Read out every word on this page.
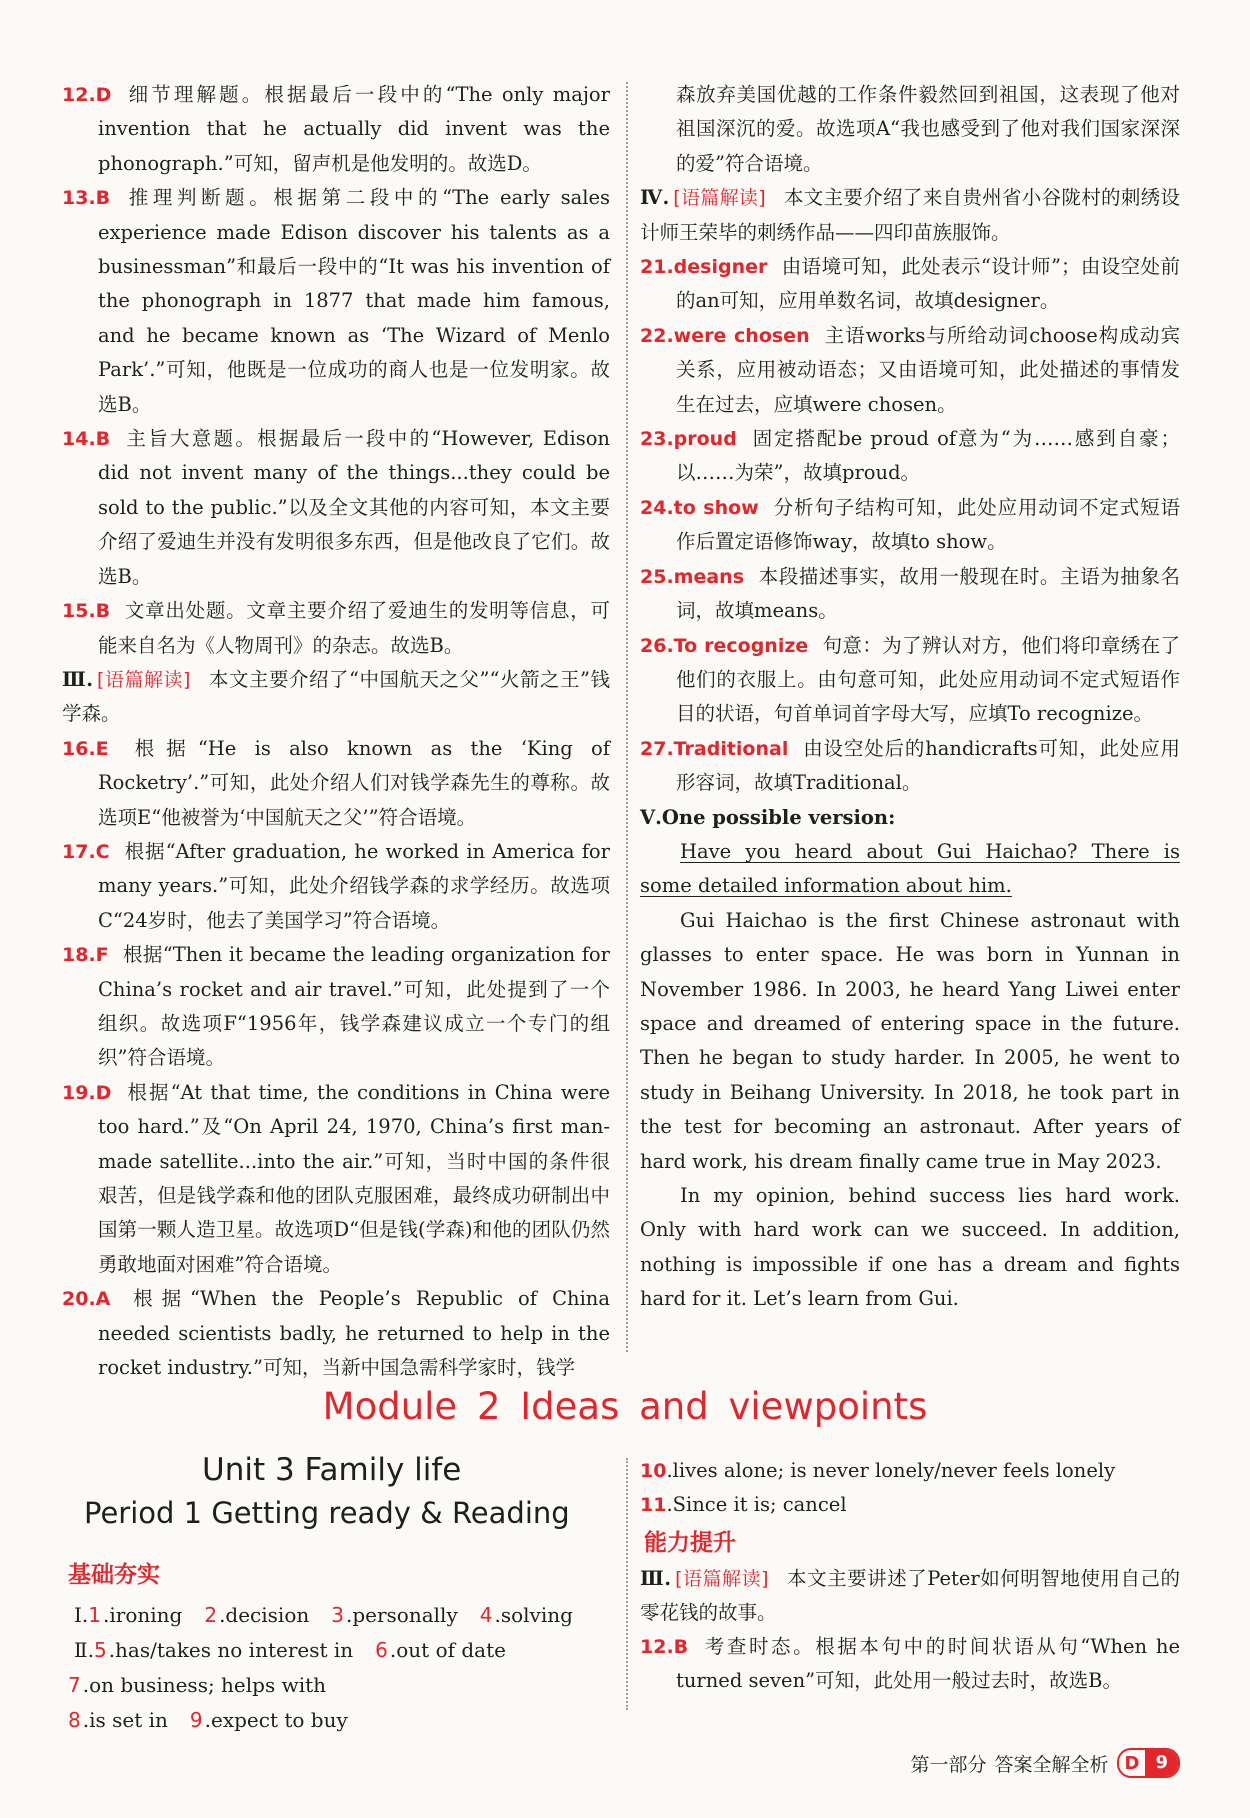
12.D 细节理解题。根据最后一段中的“The only major invention that he actually did invent was the phonograph.”可知，留声机是他发明的。故选D。

13.B 推理判断题。根据第二段中的“The early sales experience made Edison discover his talents as a businessman”和最后一段中的“It was his invention of the phonograph in 1877 that made him famous, and he became known as ‘The Wizard of Menlo Park’.”可知，他既是一位成功的商人也是一位发明家。故选B。

14.B 主旨大意题。根据最后一段中的“However, Edison did not invent many of the things...they could be sold to the public.”以及全文其他的内容可知，本文主要介绍了爱迪生并没有发明很多东西，但是他改良了它们。故选B。

15.B 文章出处题。文章主要介绍了爱迪生的发明等信息，可能来自名为《人物周刊》的杂志。故选B。

Ⅲ. [语篇解读] 本文主要介绍了“中国航天之父”“火箭之王”钱学森。

16.E 根据“He is also known as the ‘King of Rocketry’.”可知，此处介绍人们对钱学森先生的尊称。故选项E“他被誉为‘中国航天之父’”符合语境。

17.C 根据“After graduation, he worked in America for many years.”可知，此处介绍钱学森的求学经历。故选项C“24岁时，他去了美国学习”符合语境。

18.F 根据“Then it became the leading organization for China’s rocket and air travel.”可知，此处提到了一个组织。故选项F“1956年，钱学森建议成立一个专门的组织”符合语境。

19.D 根据“At that time, the conditions in China were too hard.”及“On April 24, 1970, China’s first man-made satellite...into the air.”可知，当时中国的条件很艰苦，但是钱学森和他的团队克服困难，最终成功研制出中国第一颗人造卫星。故选项D“但是钱(学森)和他的团队仍然勇敢地面对困难”符合语境。

20.A 根据“When the People’s Republic of China needed scientists badly, he returned to help in the rocket industry.”可知，当新中国急需科学家时，钱学

森放弃美国优越的工作条件毅然回到祖国，这表现了他对祖国深沉的爱。故选项A“我也感受到了他对我们国家深深的爱”符合语境。

Ⅳ. [语篇解读] 本文主要介绍了来自贵州省小谷陇村的刺绣设计师王荣毕的刺绣作品——四印苗族服饰。

21.designer 由语境可知，此处表示“设计师”；由设空处前的an可知，应用单数名词，故填designer。

22.were chosen 主语works与所给动词choose构成动宾关系，应用被动语态；又由语境可知，此处描述的事情发生在过去，应填were chosen。

23.proud 固定搭配be proud of意为“为……感到自豪；以……为荣”，故填proud。

24.to show 分析句子结构可知，此处应用动词不定式短语作后置定语修饰way，故填to show。

25.means 本段描述事实，故用一般现在时。主语为抽象名词，故填means。

26.To recognize 句意：为了辨认对方，他们将印章绣在了他们的衣服上。由句意可知，此处应用动词不定式短语作目的状语，句首单词首字母大写，应填To recognize。

27.Traditional 由设空处后的handicrafts可知，此处应用形容词，故填Traditional。

Ⅴ.One possible version:

Have you heard about Gui Haichao? There is some detailed information about him.

Gui Haichao is the first Chinese astronaut with glasses to enter space. He was born in Yunnan in November 1986. In 2003, he heard Yang Liwei enter space and dreamed of entering space in the future. Then he began to study harder. In 2005, he went to study in Beihang University. In 2018, he took part in the test for becoming an astronaut. After years of hard work, his dream finally came true in May 2023.

In my opinion, behind success lies hard work. Only with hard work can we succeed. In addition, nothing is impossible if one has a dream and fights hard for it. Let’s learn from Gui.

Module 2 Ideas and viewpoints
Unit 3 Family life
Period 1 Getting ready & Reading
基础夯实
Ⅰ.1 .ironing 2 .decision 3 .personally 4 .solving
Ⅱ.5 .has/takes no interest in 6 .out of date
7 .on business; helps with
8 .is set in 9 .expect to buy
10.lives alone; is never lonely/never feels lonely
11.Since it is; cancel
能力提升

Ⅲ. [语篇解读] 本文主要讲述了Peter如何明智地使用自己的零花钱的故事。

12.B 考查时态。根据本句中的时间状语从句“When he turned seven”可知，此处用一般过去时，故选B。

第一部分 答案全解全析 D 9
